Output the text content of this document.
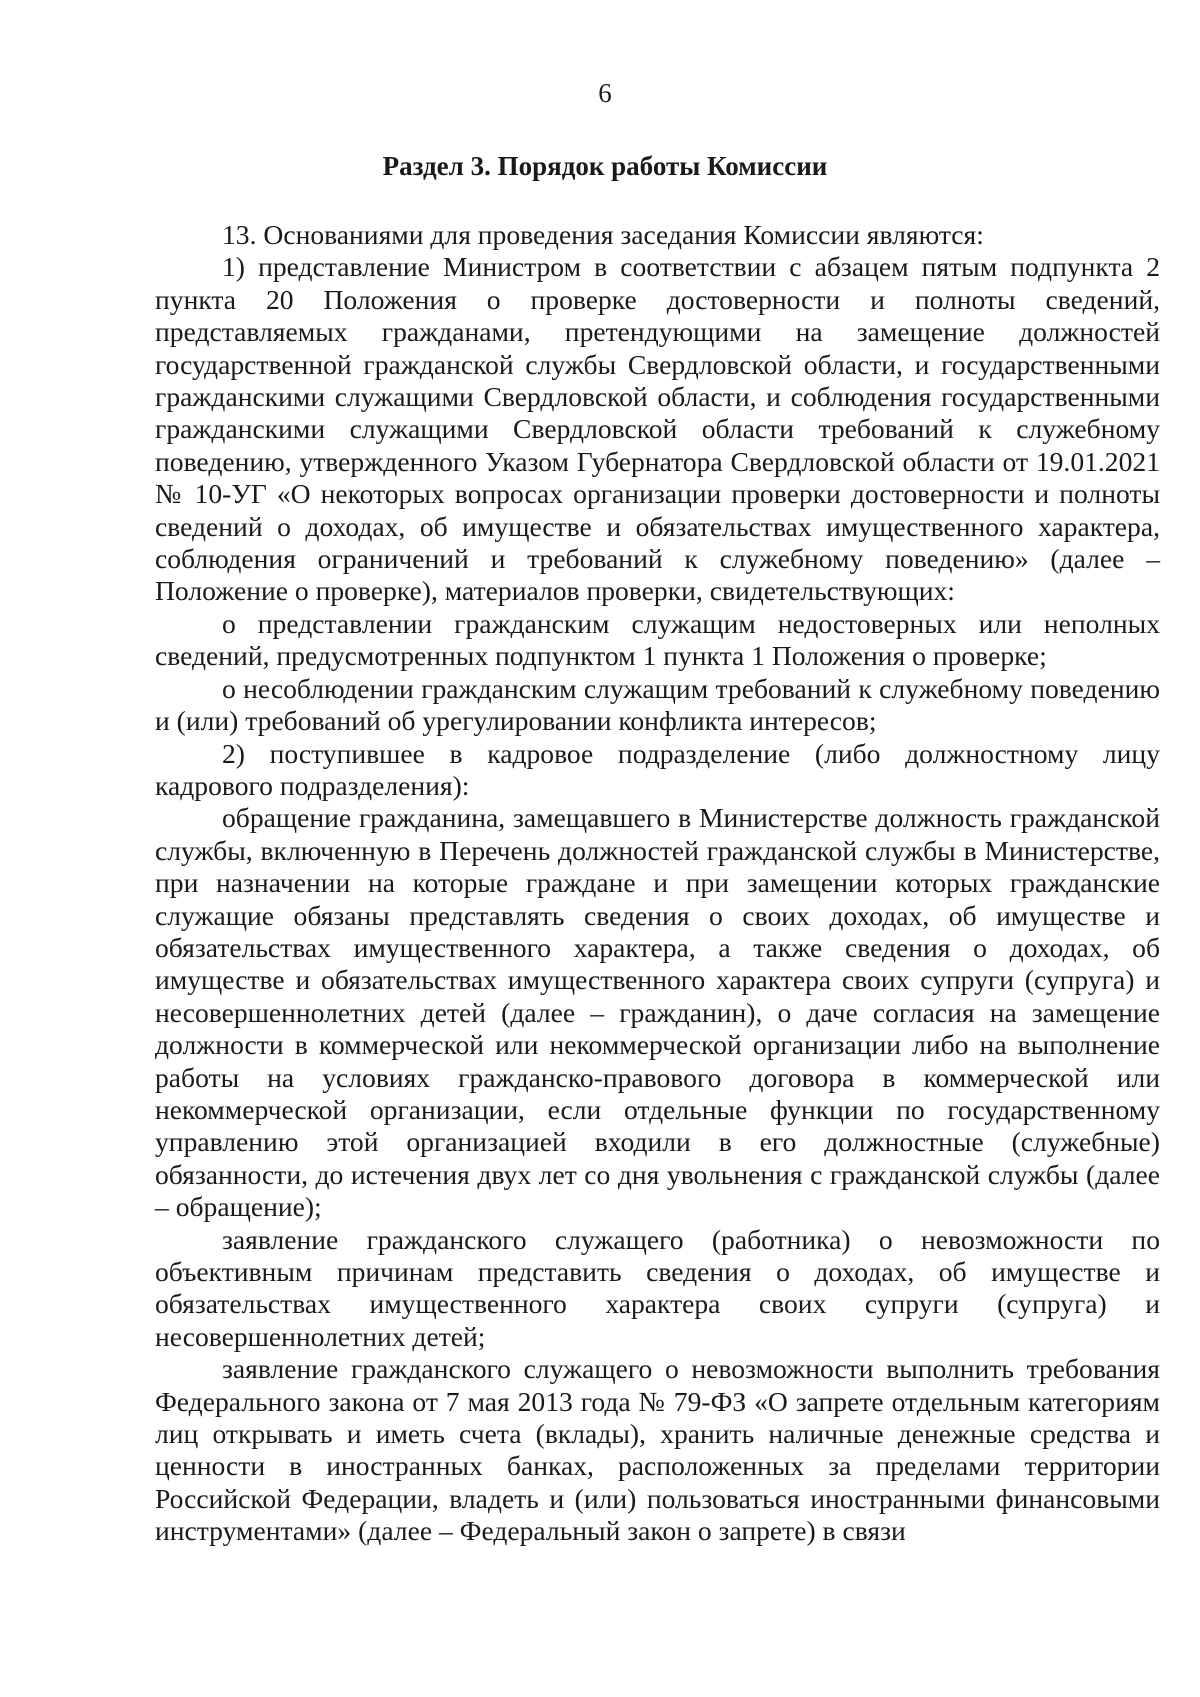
6
Раздел 3. Порядок работы Комиссии

13. Основаниями для проведения заседания Комиссии являются:

1) представление Министром в соответствии с абзацем пятым подпункта 2 пункта 20 Положения о проверке достоверности и полноты сведений, представляемых гражданами, претендующими на замещение должностей государственной гражданской службы Свердловской области, и государственными гражданскими служащими Свердловской области, и соблюдения государственными гражданскими служащими Свердловской области требований к служебному поведению, утвержденного Указом Губернатора Свердловской области от 19.01.2021 № 10-УГ «О некоторых вопросах организации проверки достоверности и полноты сведений о доходах, об имуществе и обязательствах имущественного характера, соблюдения ограничений и требований к служебному поведению» (далее – Положение о проверке), материалов проверки, свидетельствующих:

о представлении гражданским служащим недостоверных или неполных сведений, предусмотренных подпунктом 1 пункта 1 Положения о проверке;

о несоблюдении гражданским служащим требований к служебному поведению и (или) требований об урегулировании конфликта интересов;

2) поступившее в кадровое подразделение (либо должностному лицу кадрового подразделения):

обращение гражданина, замещавшего в Министерстве должность гражданской службы, включенную в Перечень должностей гражданской службы в Министерстве, при назначении на которые граждане и при замещении которых гражданские служащие обязаны представлять сведения о своих доходах, об имуществе и обязательствах имущественного характера, а также сведения о доходах, об имуществе и обязательствах имущественного характера своих супруги (супруга) и несовершеннолетних детей (далее – гражданин), о даче согласия на замещение должности в коммерческой или некоммерческой организации либо на выполнение работы на условиях гражданско-правового договора в коммерческой или некоммерческой организации, если отдельные функции по государственному управлению этой организацией входили в его должностные (служебные) обязанности, до истечения двух лет со дня увольнения с гражданской службы (далее – обращение);

заявление гражданского служащего (работника) о невозможности по объективным причинам представить сведения о доходах, об имуществе и обязательствах имущественного характера своих супруги (супруга) и несовершеннолетних детей;

заявление гражданского служащего о невозможности выполнить требования Федерального закона от 7 мая 2013 года № 79-ФЗ «О запрете отдельным категориям лиц открывать и иметь счета (вклады), хранить наличные денежные средства и ценности в иностранных банках, расположенных за пределами территории Российской Федерации, владеть и (или) пользоваться иностранными финансовыми инструментами» (далее – Федеральный закон о запрете) в связи
